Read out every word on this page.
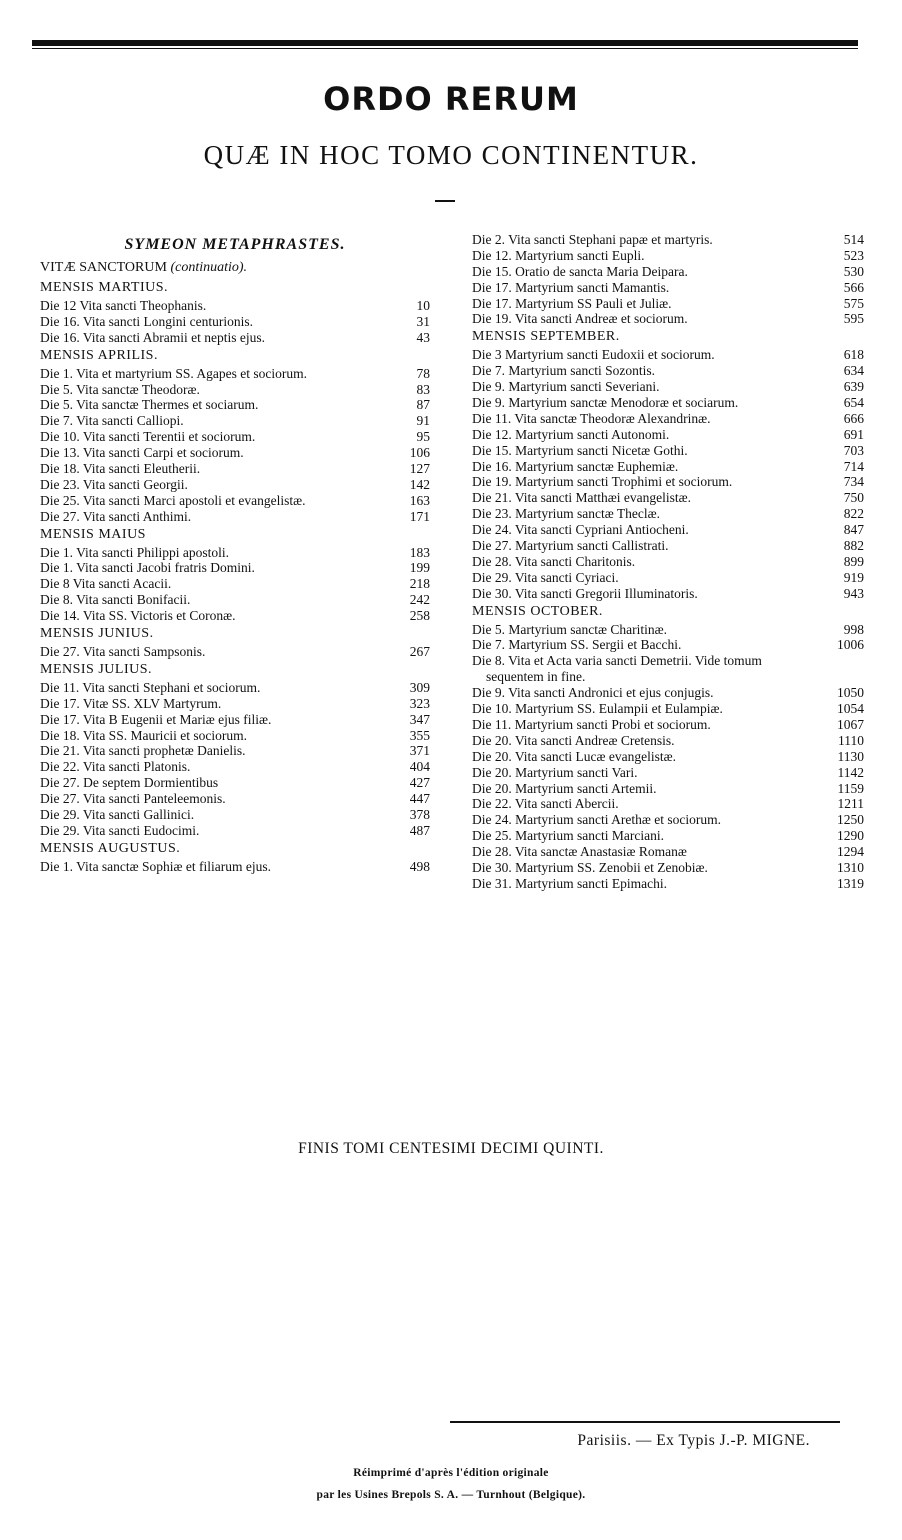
ORDO RERUM
QUÆ IN HOC TOMO CONTINENTUR.
SYMEON METAPHRASTES.
VITÆ SANCTORUM (continuatio).
MENSIS MARTIUS.
Die 12 Vita sancti Theophanis.	10
Die 16. Vita sancti Longini centurionis.	31
Die 16. Vita sancti Abramii et neptis ejus.	43
MENSIS APRILIS.
Die 1. Vita et martyrium SS. Agapes et sociorum.	78
Die 5. Vita sanctæ Theodoræ.	83
Die 5. Vita sanctæ Thermes et sociarum.	87
Die 7. Vita sancti Calliopi.	91
Die 10. Vita sancti Terentii et sociorum.	95
Die 13. Vita sancti Carpi et sociorum.	106
Die 18. Vita sancti Eleutherii.	127
Die 23. Vita sancti Georgii.	142
Die 25. Vita sancti Marci apostoli et evangelistæ.	163
Die 27. Vita sancti Anthimi.	171
MENSIS MAIUS
Die 1. Vita sancti Philippi apostoli.	183
Die 1. Vita sancti Jacobi fratris Domini.	199
Die 8 Vita sancti Acacii.	218
Die 8. Vita sancti Bonifacii.	242
Die 14. Vita SS. Victoris et Coronæ.	258
MENSIS JUNIUS.
Die 27. Vita sancti Sampsonis.	267
MENSIS JULIUS.
Die 11. Vita sancti Stephani et sociorum.	309
Die 17. Vitæ SS. XLV Martyrum.	323
Die 17. Vita B Eugenii et Mariæ ejus filiæ.	347
Die 18. Vita SS. Mauricii et sociorum.	355
Die 21. Vita sancti prophetæ Danielis.	371
Die 22. Vita sancti Platonis.	404
Die 27. De septem Dormientibus	427
Die 27. Vita sancti Panteleemonis.	447
Die 29. Vita sancti Gallinici.	378
Die 29. Vita sancti Eudocimi.	487
MENSIS AUGUSTUS.
Die 1. Vita sanctæ Sophiæ et filiarum ejus.	498
Die 2. Vita sancti Stephani papæ et martyris.	514
Die 12. Martyrium sancti Eupli.	523
Die 15. Oratio de sancta Maria Deipara.	530
Die 17. Martyrium sancti Mamantis.	566
Die 17. Martyrium SS Pauli et Juliæ.	575
Die 19. Vita sancti Andreæ et sociorum.	595
MENSIS SEPTEMBER.
Die 3 Martyrium sancti Eudoxii et sociorum.	618
Die 7. Martyrium sancti Sozontis.	634
Die 9. Martyrium sancti Severiani.	639
Die 9. Martyrium sanctæ Menodoræ et sociarum.	654
Die 11. Vita sanctæ Theodoræ Alexandrinæ.	666
Die 12. Martyrium sancti Autonomi.	691
Die 15. Martyrium sancti Nicetæ Gothi.	703
Die 16. Martyrium sanctæ Euphemiæ.	714
Die 19. Martyrium sancti Trophimi et sociorum.	734
Die 21. Vita sancti Matthæi evangelistæ.	750
Die 23. Martyrium sanctæ Theclæ.	822
Die 24. Vita sancti Cypriani Antiocheni.	847
Die 27. Martyrium sancti Callistrati.	882
Die 28. Vita sancti Charitonis.	899
Die 29. Vita sancti Cyriaci.	919
Die 30. Vita sancti Gregorii Illuminatoris.	943
MENSIS OCTOBER.
Die 5. Martyrium sanctæ Charitinæ.	998
Die 7. Martyrium SS. Sergii et Bacchi.	1006
Die 8. Vita et Acta varia sancti Demetrii. Vide tomum
sequentem in fine.
Die 9. Vita sancti Andronici et ejus conjugis.	1050
Die 10. Martyrium SS. Eulampii et Eulampiæ.	1054
Die 11. Martyrium sancti Probi et sociorum.	1067
Die 20. Vita sancti Andreæ Cretensis.	1110
Die 20. Vita sancti Lucæ evangelistæ.	1130
Die 20. Martyrium sancti Vari.	1142
Die 20. Martyrium sancti Artemii.	1159
Die 22. Vita sancti Abercii.	1211
Die 24. Martyrium sancti Arethæ et sociorum.	1250
Die 25. Martyrium sancti Marciani.	1290
Die 28. Vita sanctæ Anastasiæ Romanæ	1294
Die 30. Martyrium SS. Zenobii et Zenobiæ.	1310
Die 31. Martyrium sancti Epimachi.	1319
FINIS TOMI CENTESIMI DECIMI QUINTI.
Parisiis. — Ex Typis J.-P. MIGNE.
Réimprimé d'après l'édition originale
par les Usines Brepols S. A. — Turnhout (Belgique).
